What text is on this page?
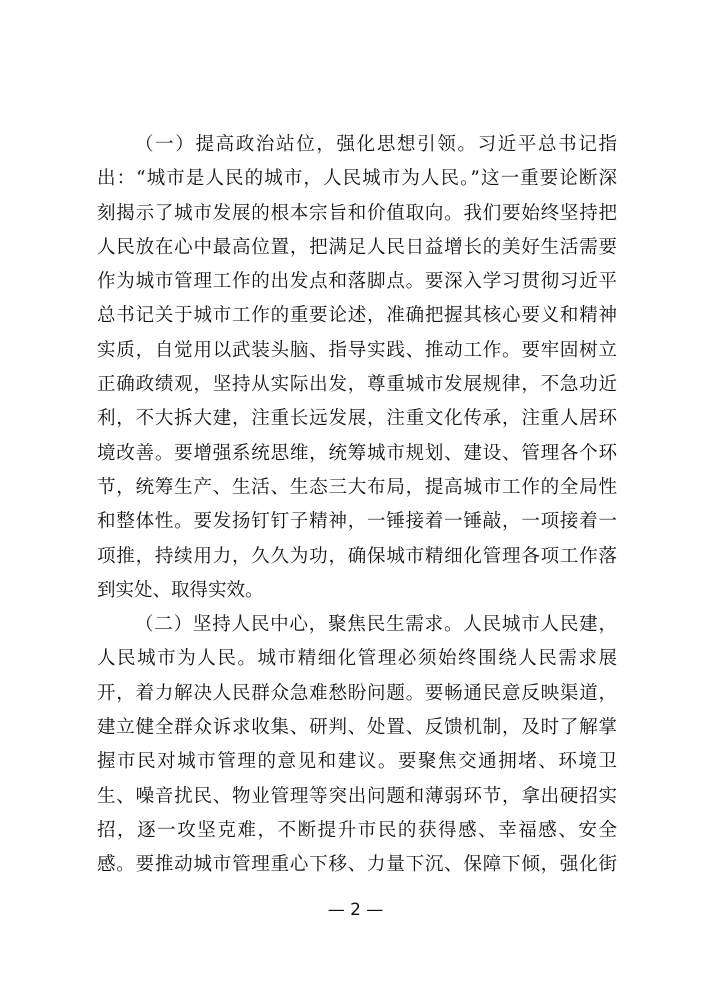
（一）提高政治站位，强化思想引领。习近平总书记指
出：“城市是人民的城市，人民城市为人民。”这一重要论断深
刻揭示了城市发展的根本宗旨和价值取向。我们要始终坚持把
人民放在心中最高位置，把满足人民日益增长的美好生活需要
作为城市管理工作的出发点和落脚点。要深入学习贯彻习近平
总书记关于城市工作的重要论述，准确把握其核心要义和精神
实质，自觉用以武装头脑、指导实践、推动工作。要牢固树立
正确政绩观，坚持从实际出发，尊重城市发展规律，不急功近
利，不大拆大建，注重长远发展，注重文化传承，注重人居环
境改善。要增强系统思维，统筹城市规划、建设、管理各个环
节，统筹生产、生活、生态三大布局，提高城市工作的全局性
和整体性。要发扬钉钉子精神，一锤接着一锤敲，一项接着一
项推，持续用力，久久为功，确保城市精细化管理各项工作落
到实处、取得实效。
（二）坚持人民中心，聚焦民生需求。人民城市人民建，
人民城市为人民。城市精细化管理必须始终围绕人民需求展
开，着力解决人民群众急难愁盼问题。要畅通民意反映渠道，
建立健全群众诉求收集、研判、处置、反馈机制，及时了解掌
握市民对城市管理的意见和建议。要聚焦交通拥堵、环境卫
生、噪音扰民、物业管理等突出问题和薄弱环节，拿出硬招实
招，逐一攻坚克难，不断提升市民的获得感、幸福感、安全
感。要推动城市管理重心下移、力量下沉、保障下倾，强化街
— 2 —
